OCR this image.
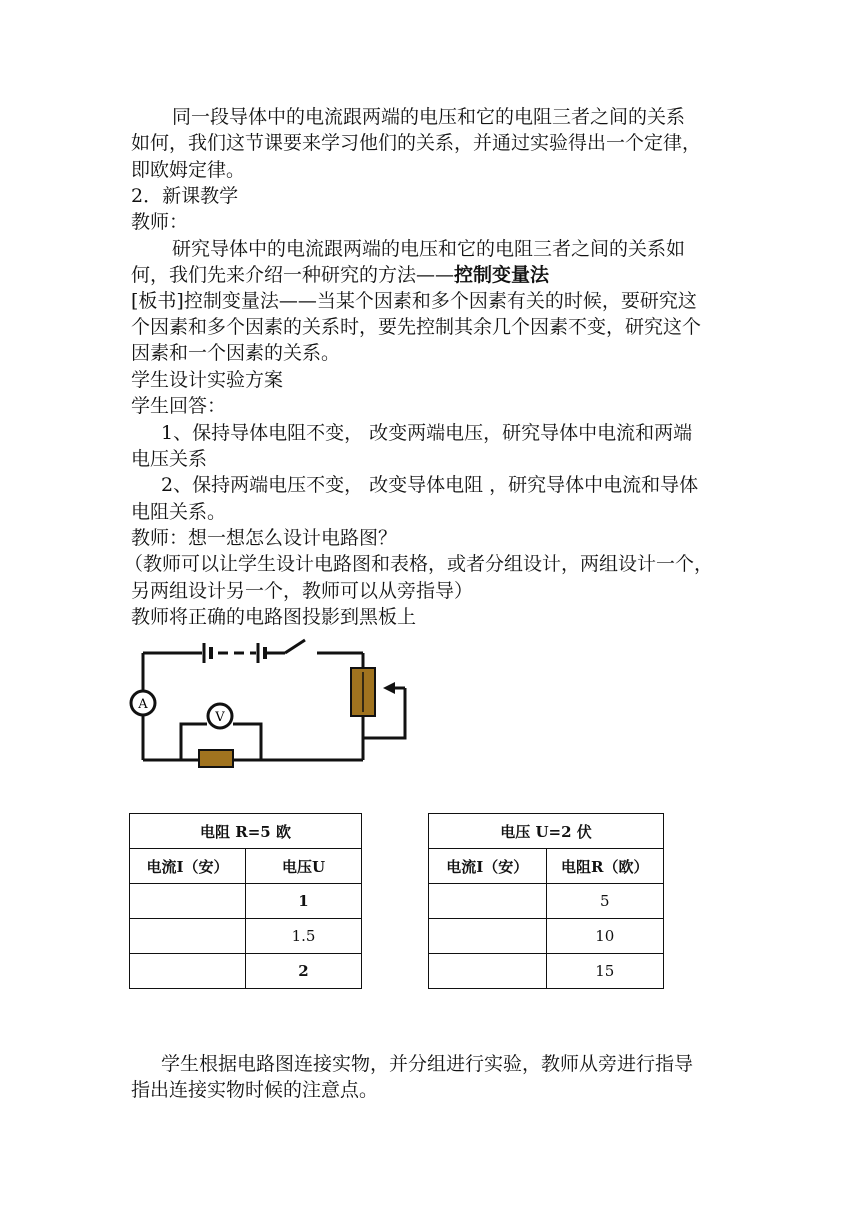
同一段导体中的电流跟两端的电压和它的电阻三者之间的关系
如何，我们这节课要来学习他们的关系，并通过实验得出一个定律，
即欧姆定律。
2．新课教学
教师：
研究导体中的电流跟两端的电压和它的电阻三者之间的关系如
何，我们先来介绍一种研究的方法——控制变量法
[板书]控制变量法——当某个因素和多个因素有关的时候，要研究这
个因素和多个因素的关系时，要先控制其余几个因素不变，研究这个
因素和一个因素的关系。
学生设计实验方案
学生回答：
1、保持导体电阻不变， 改变两端电压，研究导体中电流和两端
电压关系
2、保持两端电压不变， 改变导体电阻 ，研究导体中电流和导体
电阻关系。
教师：想一想怎么设计电路图？
（教师可以让学生设计电路图和表格，或者分组设计，两组设计一个，
另两组设计另一个，教师可以从旁指导）
教师将正确的电路图投影到黑板上
A
V
电阻 R=5 欧	
电流I（安）	电压U
	1
	1.5
	2
电压 U=2 伏	
电流I（安）	电阻R（欧）
	5
	10
	15
学生根据电路图连接实物，并分组进行实验，教师从旁进行指导
指出连接实物时候的注意点。
